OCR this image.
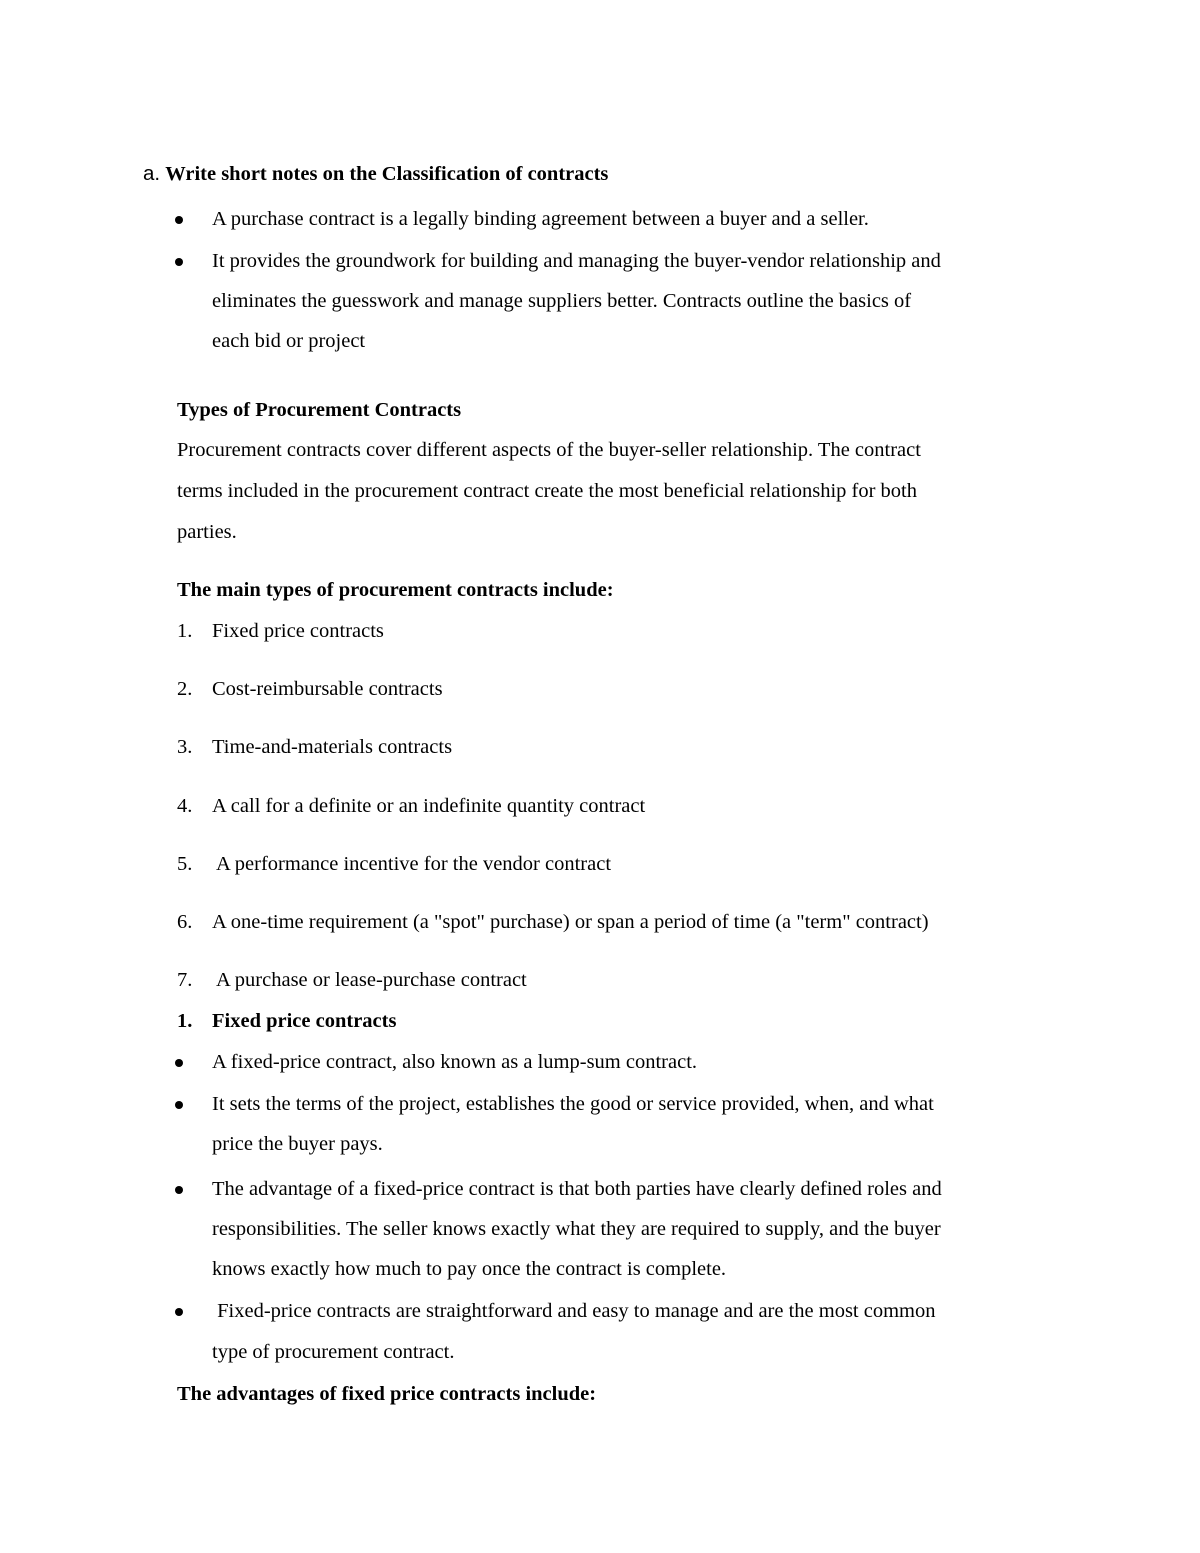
a. Write short notes on the Classification of contracts
A purchase contract is a legally binding agreement between a buyer and a seller.
It provides the groundwork for building and managing the buyer-vendor relationship and
eliminates the guesswork and manage suppliers better. Contracts outline the basics of
each bid or project
Types of Procurement Contracts
Procurement contracts cover different aspects of the buyer-seller relationship. The contract
terms included in the procurement contract create the most beneficial relationship for both
parties.
The main types of procurement contracts include:
1. Fixed price contracts
2. Cost-reimbursable contracts
3. Time-and-materials contracts
4. A call for a definite or an indefinite quantity contract
5. A performance incentive for the vendor contract
6. A one-time requirement (a "spot" purchase) or span a period of time (a "term" contract)
7. A purchase or lease-purchase contract
1. Fixed price contracts
A fixed-price contract, also known as a lump-sum contract.
It sets the terms of the project, establishes the good or service provided, when, and what
price the buyer pays.
The advantage of a fixed-price contract is that both parties have clearly defined roles and
responsibilities. The seller knows exactly what they are required to supply, and the buyer
knows exactly how much to pay once the contract is complete.
Fixed-price contracts are straightforward and easy to manage and are the most common
type of procurement contract.
The advantages of fixed price contracts include:
